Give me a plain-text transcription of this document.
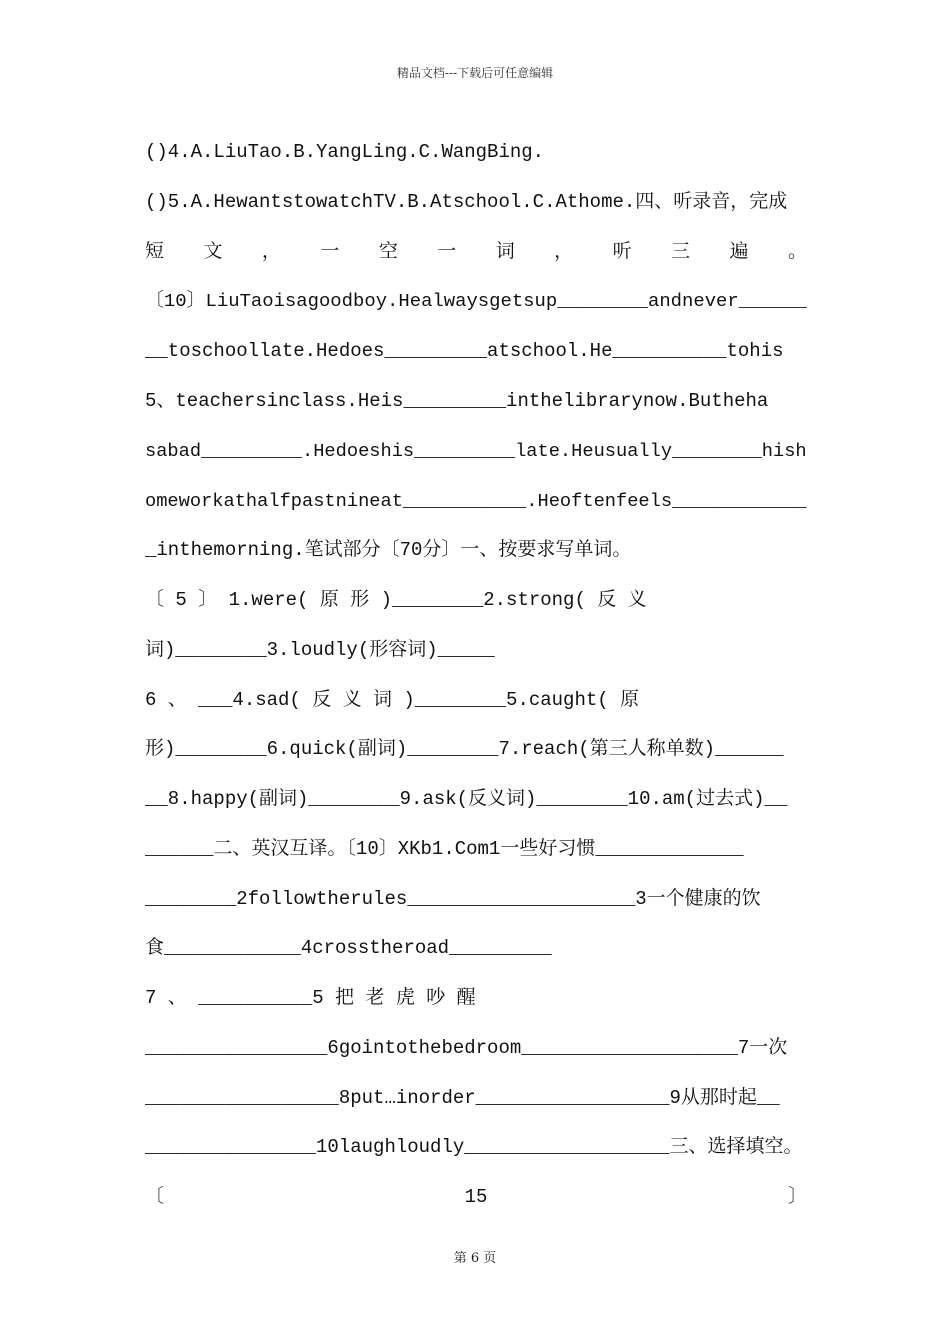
精品文档---下载后可任意编辑
()4.A.LiuTao.B.YangLing.C.WangBing.
()5.A.HewantstowatchTV.B.Atschool.C.Athome.四、听录音，完成
短 文 ， 一 空 一 词 ， 听 三 遍 。
〔10〕LiuTaoisagoodboy.Healwaysgetsup________andnever______
__toschoollate.Hedoes_________atschool.He__________tohis
5、teachersinclass.Heis_________inthelibrarynow.Butheha
sabad_________.Hedoeshis_________late.Heusually________hish
omeworkathalfpastnineat___________.Heoftenfeels____________
_inthemorning.笔试部分〔70分〕一、按要求写单词。
〔 5 〕 1.were( 原 形 )________2.strong( 反 义
词)________3.loudly(形容词)_____
6 、 ___4.sad( 反 义 词 )________5.caught( 原
形)________6.quick(副词)________7.reach(第三人称单数)______
__8.happy(副词)________9.ask(反义词)________10.am(过去式)__
______二、英汉互译。〔10〕XKb1.Com1一些好习惯_____________
________2followtherules____________________3一个健康的饮
食____________4crosstheroad_________
7 、 __________5 把 老 虎 吵 醒
________________6gointothebedroom___________________7一次
_________________8put…inorder_________________9从那时起__
_______________10laughloudly__________________三、选择填空。
〔	15	〕
第 6 页
